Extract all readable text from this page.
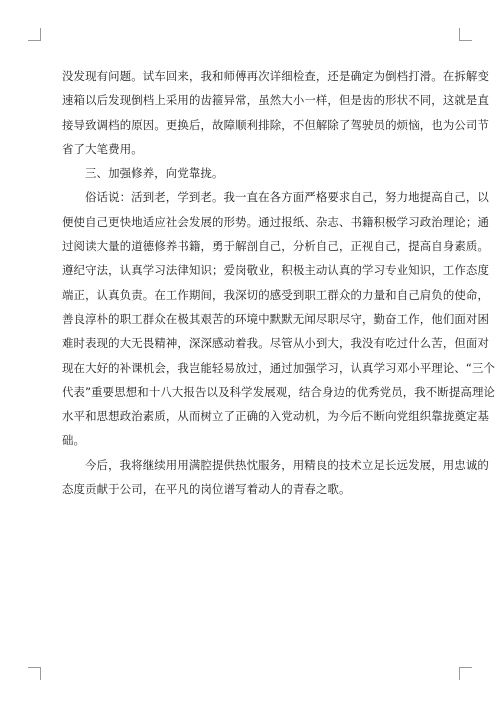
没发现有问题。试车回来，我和师傅再次详细检查，还是确定为倒档打滑。在拆解变
速箱以后发现倒档上采用的齿箍异常，虽然大小一样，但是齿的形状不同，这就是直
接导致调档的原因。更换后，故障顺利排除，不但解除了驾驶员的烦恼，也为公司节
省了大笔费用。

三、加强修养，向党靠拢。

俗话说：活到老，学到老。我一直在各方面严格要求自己，努力地提高自己，以
便使自己更快地适应社会发展的形势。通过报纸、杂志、书籍积极学习政治理论；通
过阅读大量的道德修养书籍，勇于解剖自己，分析自己，正视自己，提高自身素质。
遵纪守法，认真学习法律知识；爱岗敬业，积极主动认真的学习专业知识，工作态度
端正，认真负责。在工作期间，我深切的感受到职工群众的力量和自己肩负的使命，
善良淳朴的职工群众在极其艰苦的环境中默默无闻尽职尽守，勤奋工作，他们面对困
难时表现的大无畏精神，深深感动着我。尽管从小到大，我没有吃过什么苦，但面对
现在大好的补课机会，我岂能轻易放过，通过加强学习，认真学习邓小平理论、“三个
代表”重要思想和十八大报告以及科学发展观，结合身边的优秀党员，我不断提高理论
水平和思想政治素质，从而树立了正确的入党动机，为今后不断向党组织靠拢奠定基
础。

今后，我将继续用用满腔提供热忱服务，用精良的技术立足长远发展，用忠诚的
态度贡献于公司，在平凡的岗位谱写着动人的青春之歌。
